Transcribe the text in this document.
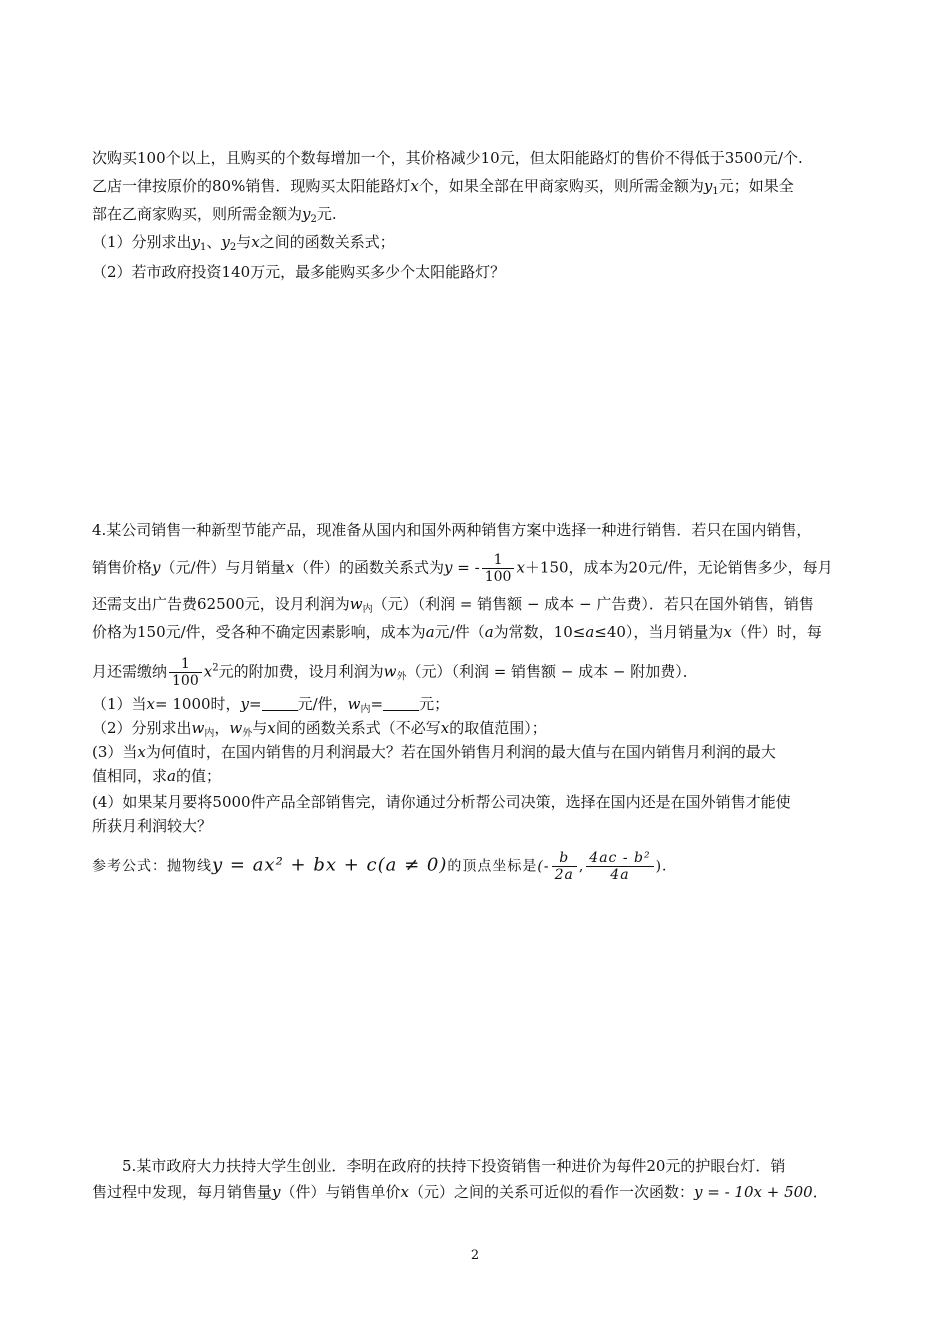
次购买100个以上，且购买的个数每增加一个，其价格减少10元，但太阳能路灯的售价不得低于3500元/个.
乙店一律按原价的80%销售．现购买太阳能路灯x个，如果全部在甲商家购买，则所需金额为$y_1$元；如果全
部在乙商家购买，则所需金额为$y_2$元.
（1）分别求出$y_1$、$y_2$与x之间的函数关系式；
（2）若市政府投资140万元，最多能购买多少个太阳能路灯？
4.某公司销售一种新型节能产品，现准备从国内和国外两种销售方案中选择一种进行销售．若只在国内销售，
销售价格y（元/件）与月销量x（件）的函数关系式为y = - $\frac{1}{100} x+150$，成本为20元/件，无论销售多少，每月
还需支出广告费62500元，设月利润为$w_内$（元）（利润 = 销售额 − 成本 − 广告费）．若只在国外销售，销售
价格为150元/件，受各种不确定因素影响，成本为a元/件（a为常数，10≤a≤40），当月销量为x（件）时，每
月还需缴纳 $\frac{1}{100} x^2$元的附加费，设月利润为$w_外$（元）（利润 = 销售额 − 成本 − 附加费）．
（1）当x= 1000时，y= 元/件，$w_内=$ 元；
（2）分别求出$w_内$，$w_外$与x间的函数关系式（不必写x的取值范围）；
(3）当x为何值时，在国内销售的月利润最大？若在国外销售月利润的最大值与在国内销售月利润的最大
值相同，求a的值；
(4）如果某月要将5000件产品全部销售完，请你通过分析帮公司决策，选择在国内还是在国外销售才能使
所获月利润较大？
参考公式：抛物线y = ax² + bx + c(a ≠ 0)的顶点坐标是(- $\frac{b}{2a}$ , $\frac{\text{4ac - b²}}{4a}$ )．
5.某市政府大力扶持大学生创业．李明在政府的扶持下投资销售一种进价为每件20元的护眼台灯．销
售过程中发现，每月销售量y（件）与销售单价x（元）之间的关系可近似的看作一次函数：y = - 10x + 500．
2
